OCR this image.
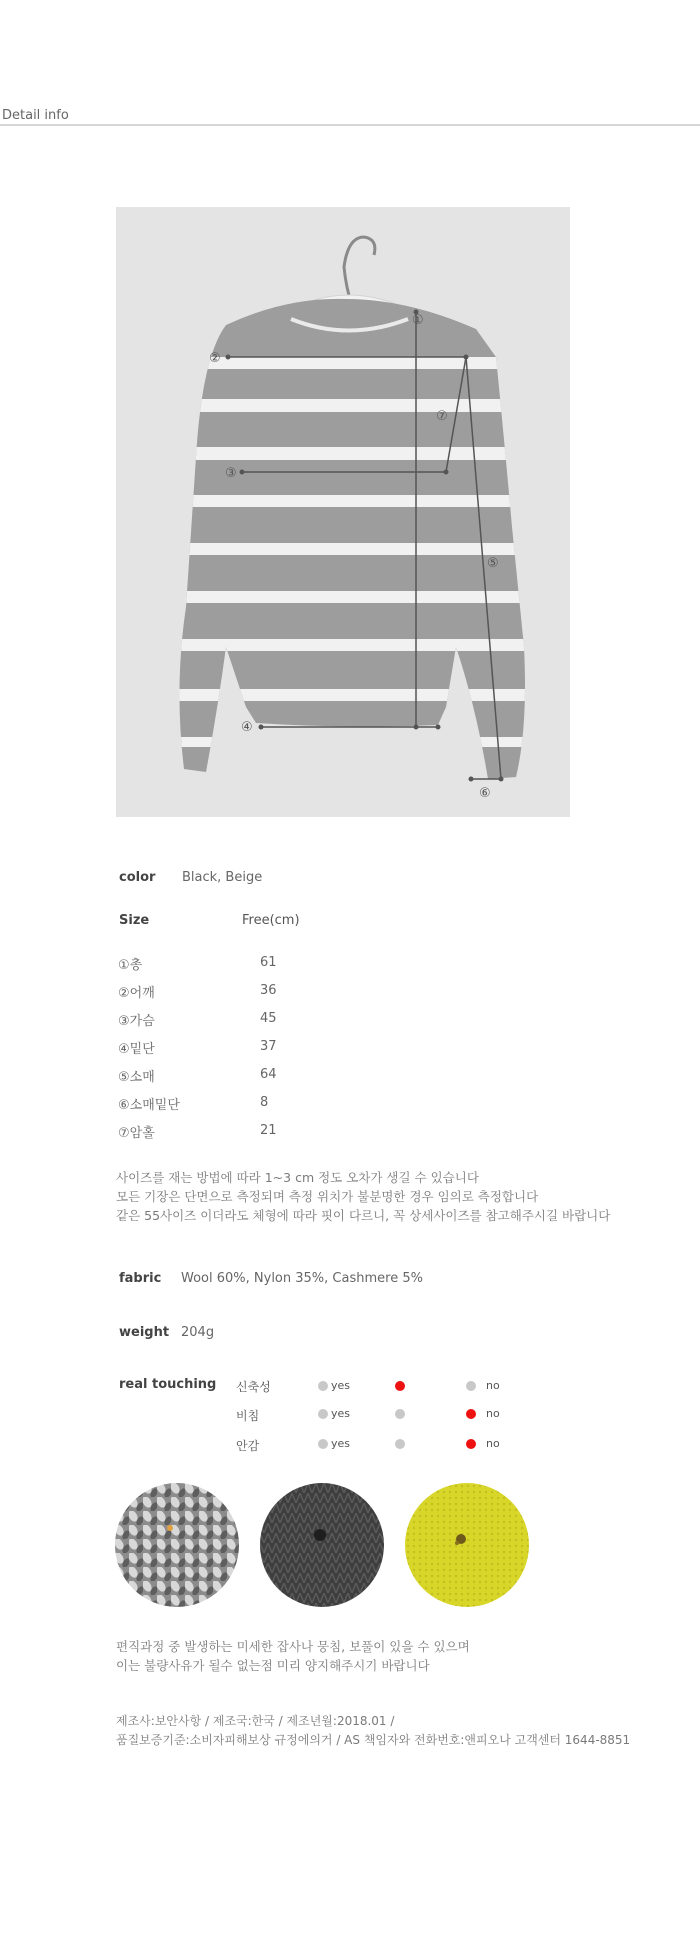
Detail info
①
②
③
④
⑤
⑥
⑦
color Black, Beige
Size	Free(cm)
①총	61
②어깨	36
③가슴	45
④밑단	37
⑤소매	64
⑥소매밑단	8
⑦암홀	21
사이즈를 재는 방법에 따라 1~3 cm 정도 오차가 생길 수 있습니다
모든 기장은 단면으로 측정되며 측정 위치가 불분명한 경우 임의로 측정합니다
같은 55사이즈 이더라도 체형에 따라 핏이 다르니, 꼭 상세사이즈를 참고해주시길 바랍니다
fabric Wool 60%, Nylon 35%, Cashmere 5%
weight 204g
real touching 신축성	yes	no
비침	yes	no
안감	yes	no
편직과정 중 발생하는 미세한 잡사나 뭉침, 보풀이 있을 수 있으며
이는 불량사유가 될수 없는점 미리 양지해주시기 바랍니다
제조사:보안사항 / 제조국:한국 / 제조년월:2018.01 /
품질보증기준:소비자피해보상 규정에의거 / AS 책임자와 전화번호:앤피오나 고객센터 1644-8851
